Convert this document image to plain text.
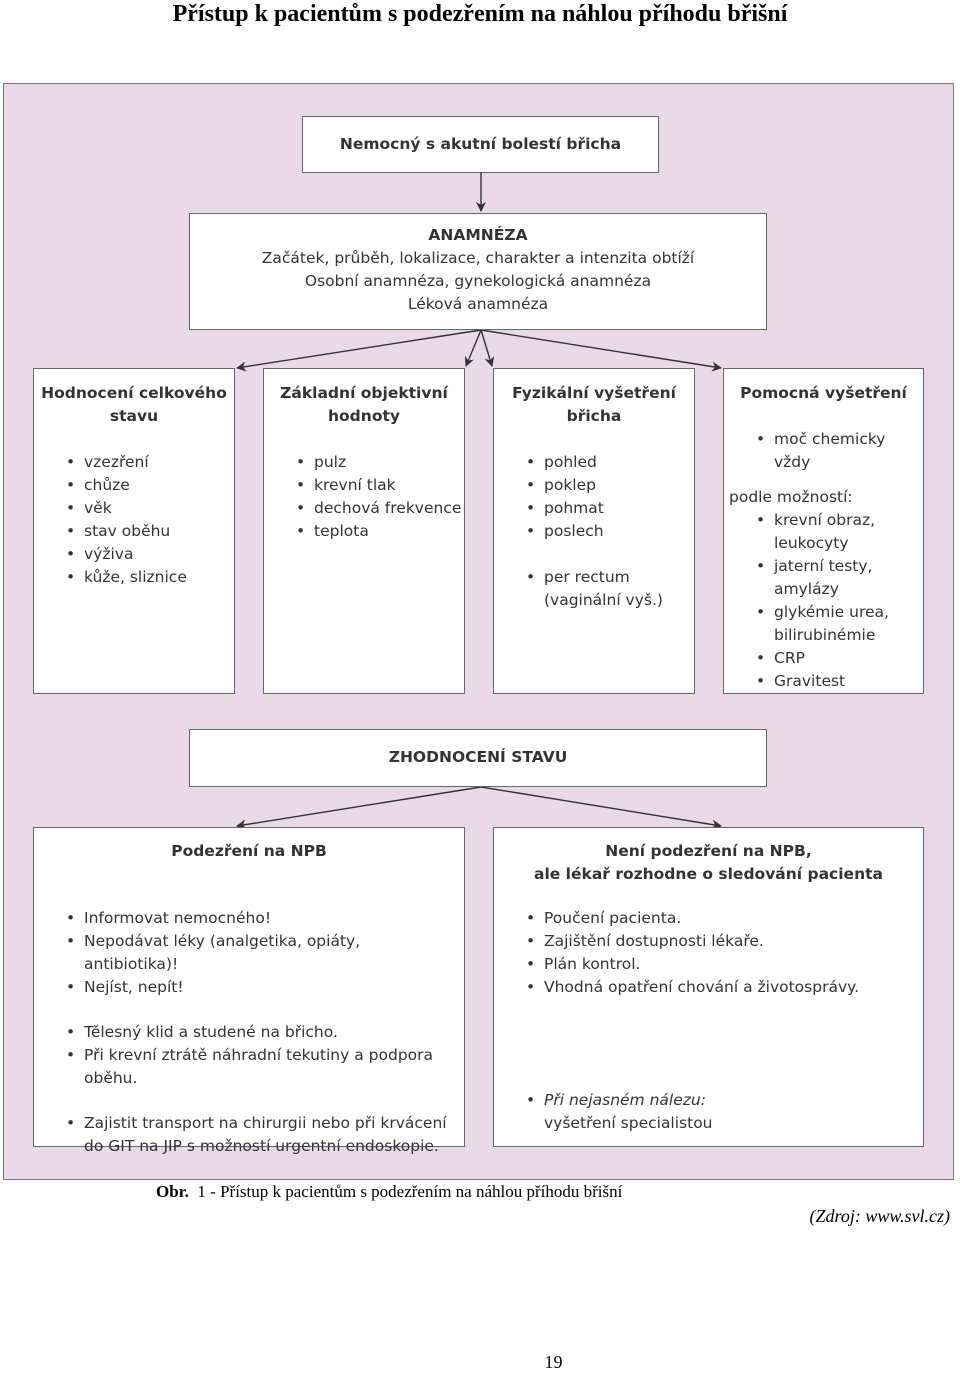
Přístup k pacientům s podezřením na náhlou příhodu břišní
Nemocný s akutní bolestí břicha
ANAMNÉZA
Začátek, průběh, lokalizace, charakter a intenzita obtíží
Osobní anamnéza, gynekologická anamnéza
Léková anamnéza
Hodnocení celkového
stavu
• vzezření
• chůze
• věk
• stav oběhu
• výživa
• kůže, sliznice
Základní objektivní
hodnoty
• pulz
• krevní tlak
• dechová frekvence
• teplota
Fyzikální vyšetření
břicha
• pohled
• poklep
• pohmat
• poslech
• per rectum
(vaginální vyš.)
Pomocná vyšetření
• moč chemicky vždy
podle možností:
• krevní obraz, leukocyty
• jaterní testy, amylázy
• glykémie urea, bilirubinémie
• CRP
• Gravitest
ZHODNOCENÍ STAVU
Podezření na NPB
• Informovat nemocného!
• Nepodávat léky (analgetika, opiáty, antibiotika)!
• Nejíst, nepít!
• Tělesný klid a studené na břicho.
• Při krevní ztrátě náhradní tekutiny a podpora oběhu.
• Zajistit transport na chirurgii nebo při krvácení do GIT na JIP s možností urgentní endoskopie.
Není podezření na NPB,
ale lékař rozhodne o sledování pacienta
• Poučení pacienta.
• Zajištění dostupnosti lékaře.
• Plán kontrol.
• Vhodná opatření chování a životosprávy.
• Při nejasném nálezu:
vyšetření specialistou
Obr. 1 - Přístup k pacientům s podezřením na náhlou příhodu břišní
(Zdroj: www.svl.cz)
19
